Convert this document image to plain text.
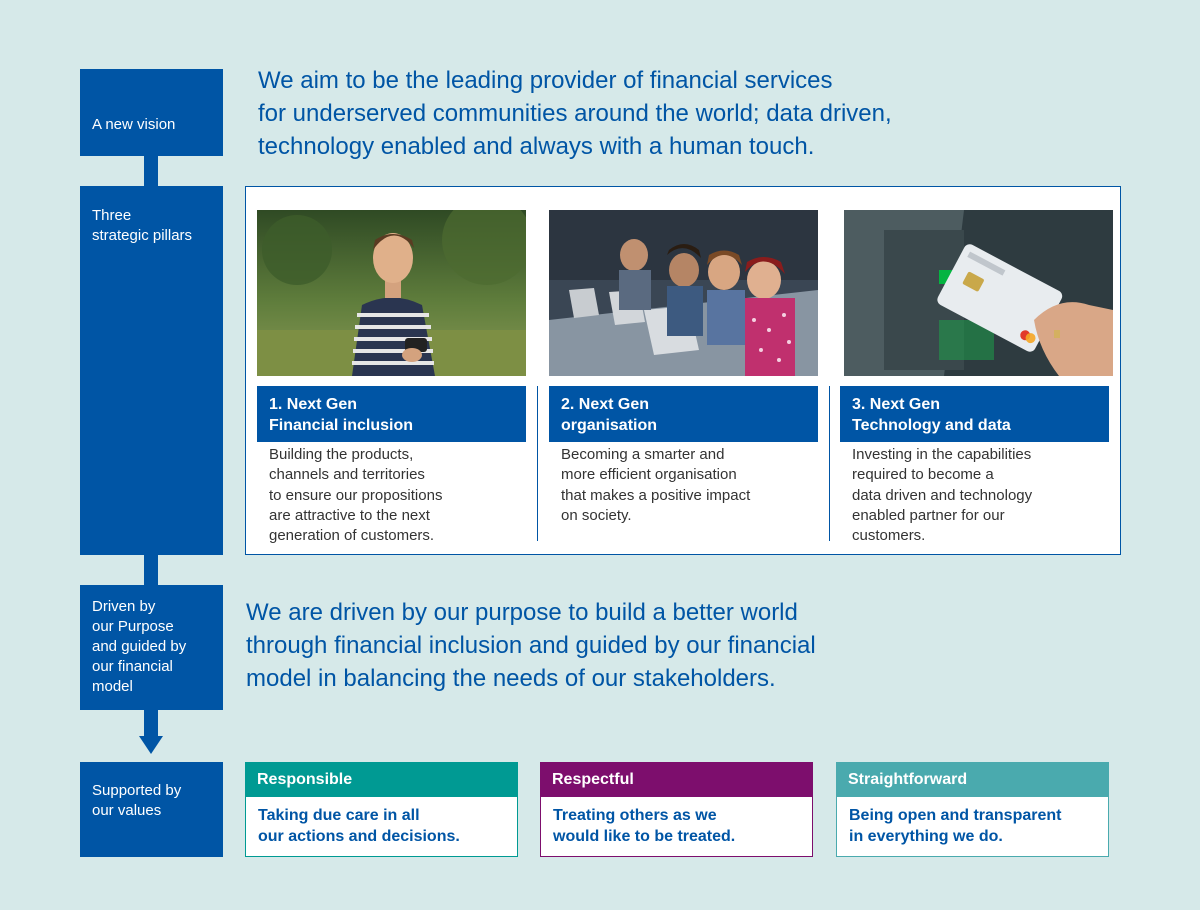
A new vision
Three
strategic pillars
Driven by
our Purpose
and guided by
our financial
model
Supported by
our values
We aim to be the leading provider of financial services
for underserved communities around the world; data driven,
technology enabled and always with a human touch.
1. Next Gen
Financial inclusion
2. Next Gen
organisation
3. Next Gen
Technology and data
Building the products,
channels and territories
to ensure our propositions
are attractive to the next
generation of customers.
Becoming a smarter and
more efficient organisation
that makes a positive impact
on society.
Investing in the capabilities
required to become a
data driven and technology
enabled partner for our
customers.
We are driven by our purpose to build a better world
through financial inclusion and guided by our financial
model in balancing the needs of our stakeholders.
Responsible
Taking due care in all
our actions and decisions.
Respectful
Treating others as we
would like to be treated.
Straightforward
Being open and transparent
in everything we do.
